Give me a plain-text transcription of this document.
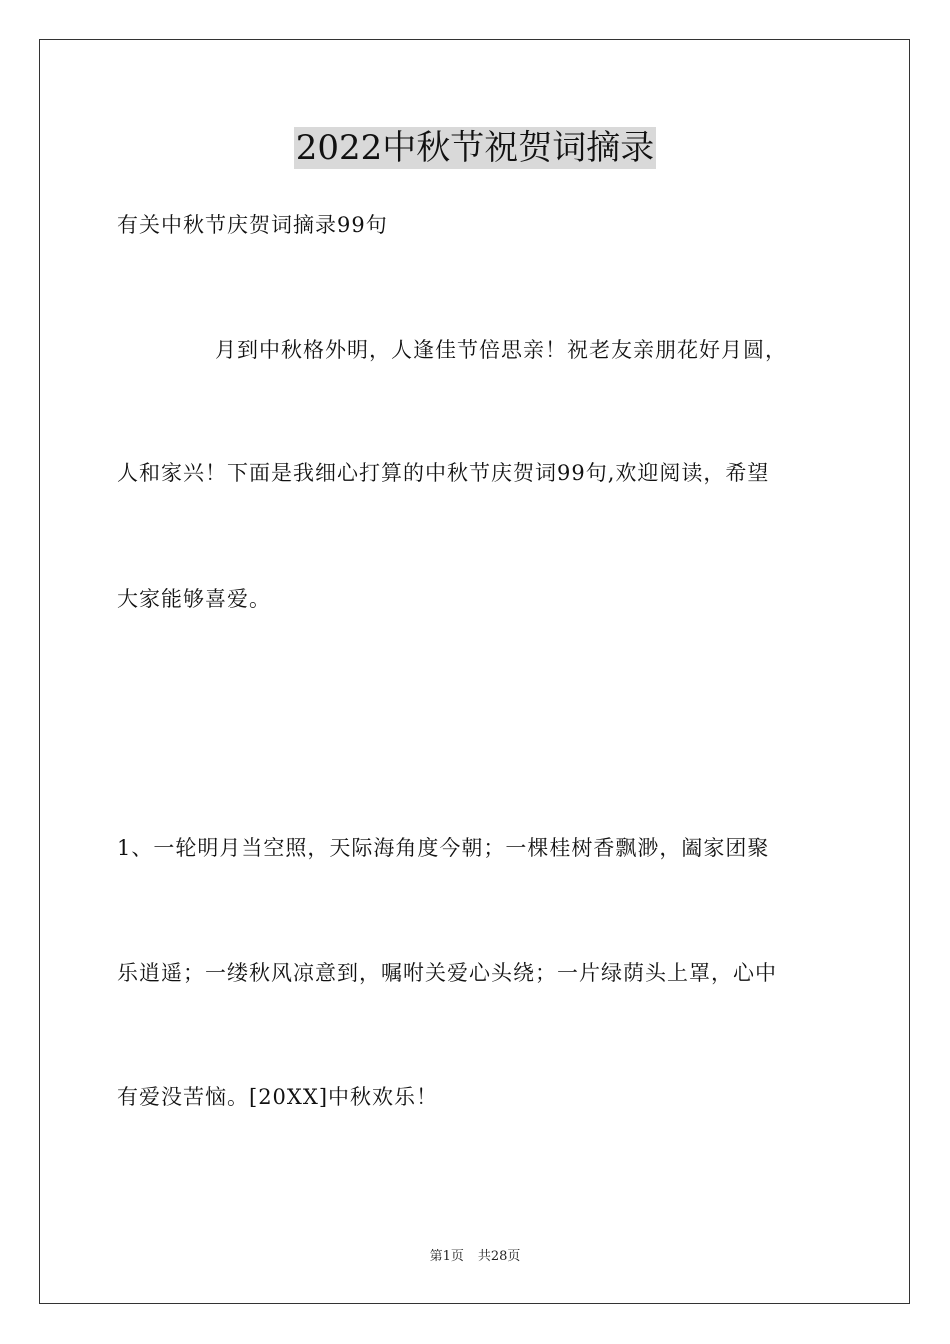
2022中秋节祝贺词摘录
有关中秋节庆贺词摘录99句
月到中秋格外明，人逢佳节倍思亲！祝老友亲朋花好月圆，
人和家兴！下面是我细心打算的中秋节庆贺词99句,欢迎阅读，希望
大家能够喜爱。
1、一轮明月当空照，天际海角度今朝；一棵桂树香飘渺，阖家团聚
乐逍遥；一缕秋风凉意到，嘱咐关爱心头绕；一片绿荫头上罩，心中
有爱没苦恼。[20XX]中秋欢乐！
第1页 共28页
